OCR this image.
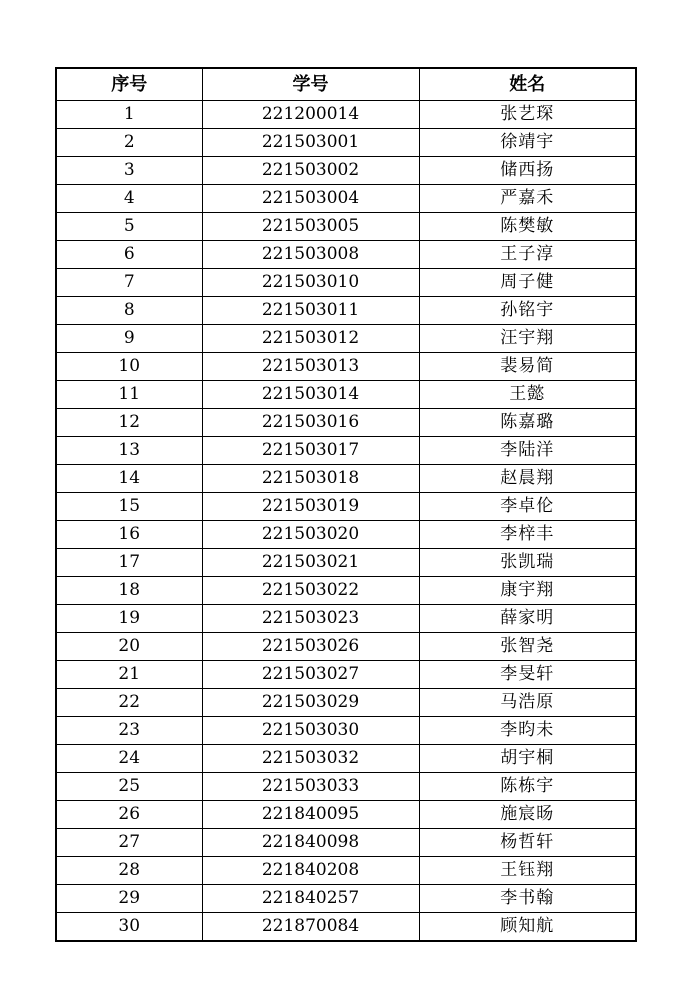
序号	学号	姓名
1	221200014	张艺琛
2	221503001	徐靖宇
3	221503002	储西扬
4	221503004	严嘉禾
5	221503005	陈樊敏
6	221503008	王子淳
7	221503010	周子健
8	221503011	孙铭宇
9	221503012	汪宇翔
10	221503013	裴易简
11	221503014	王懿
12	221503016	陈嘉璐
13	221503017	李陆洋
14	221503018	赵晨翔
15	221503019	李卓伦
16	221503020	李梓丰
17	221503021	张凯瑞
18	221503022	康宇翔
19	221503023	薛家明
20	221503026	张智尧
21	221503027	李旻轩
22	221503029	马浩原
23	221503030	李昀未
24	221503032	胡宇桐
25	221503033	陈栋宇
26	221840095	施宸旸
27	221840098	杨哲轩
28	221840208	王钰翔
29	221840257	李书翰
30	221870084	顾知航
